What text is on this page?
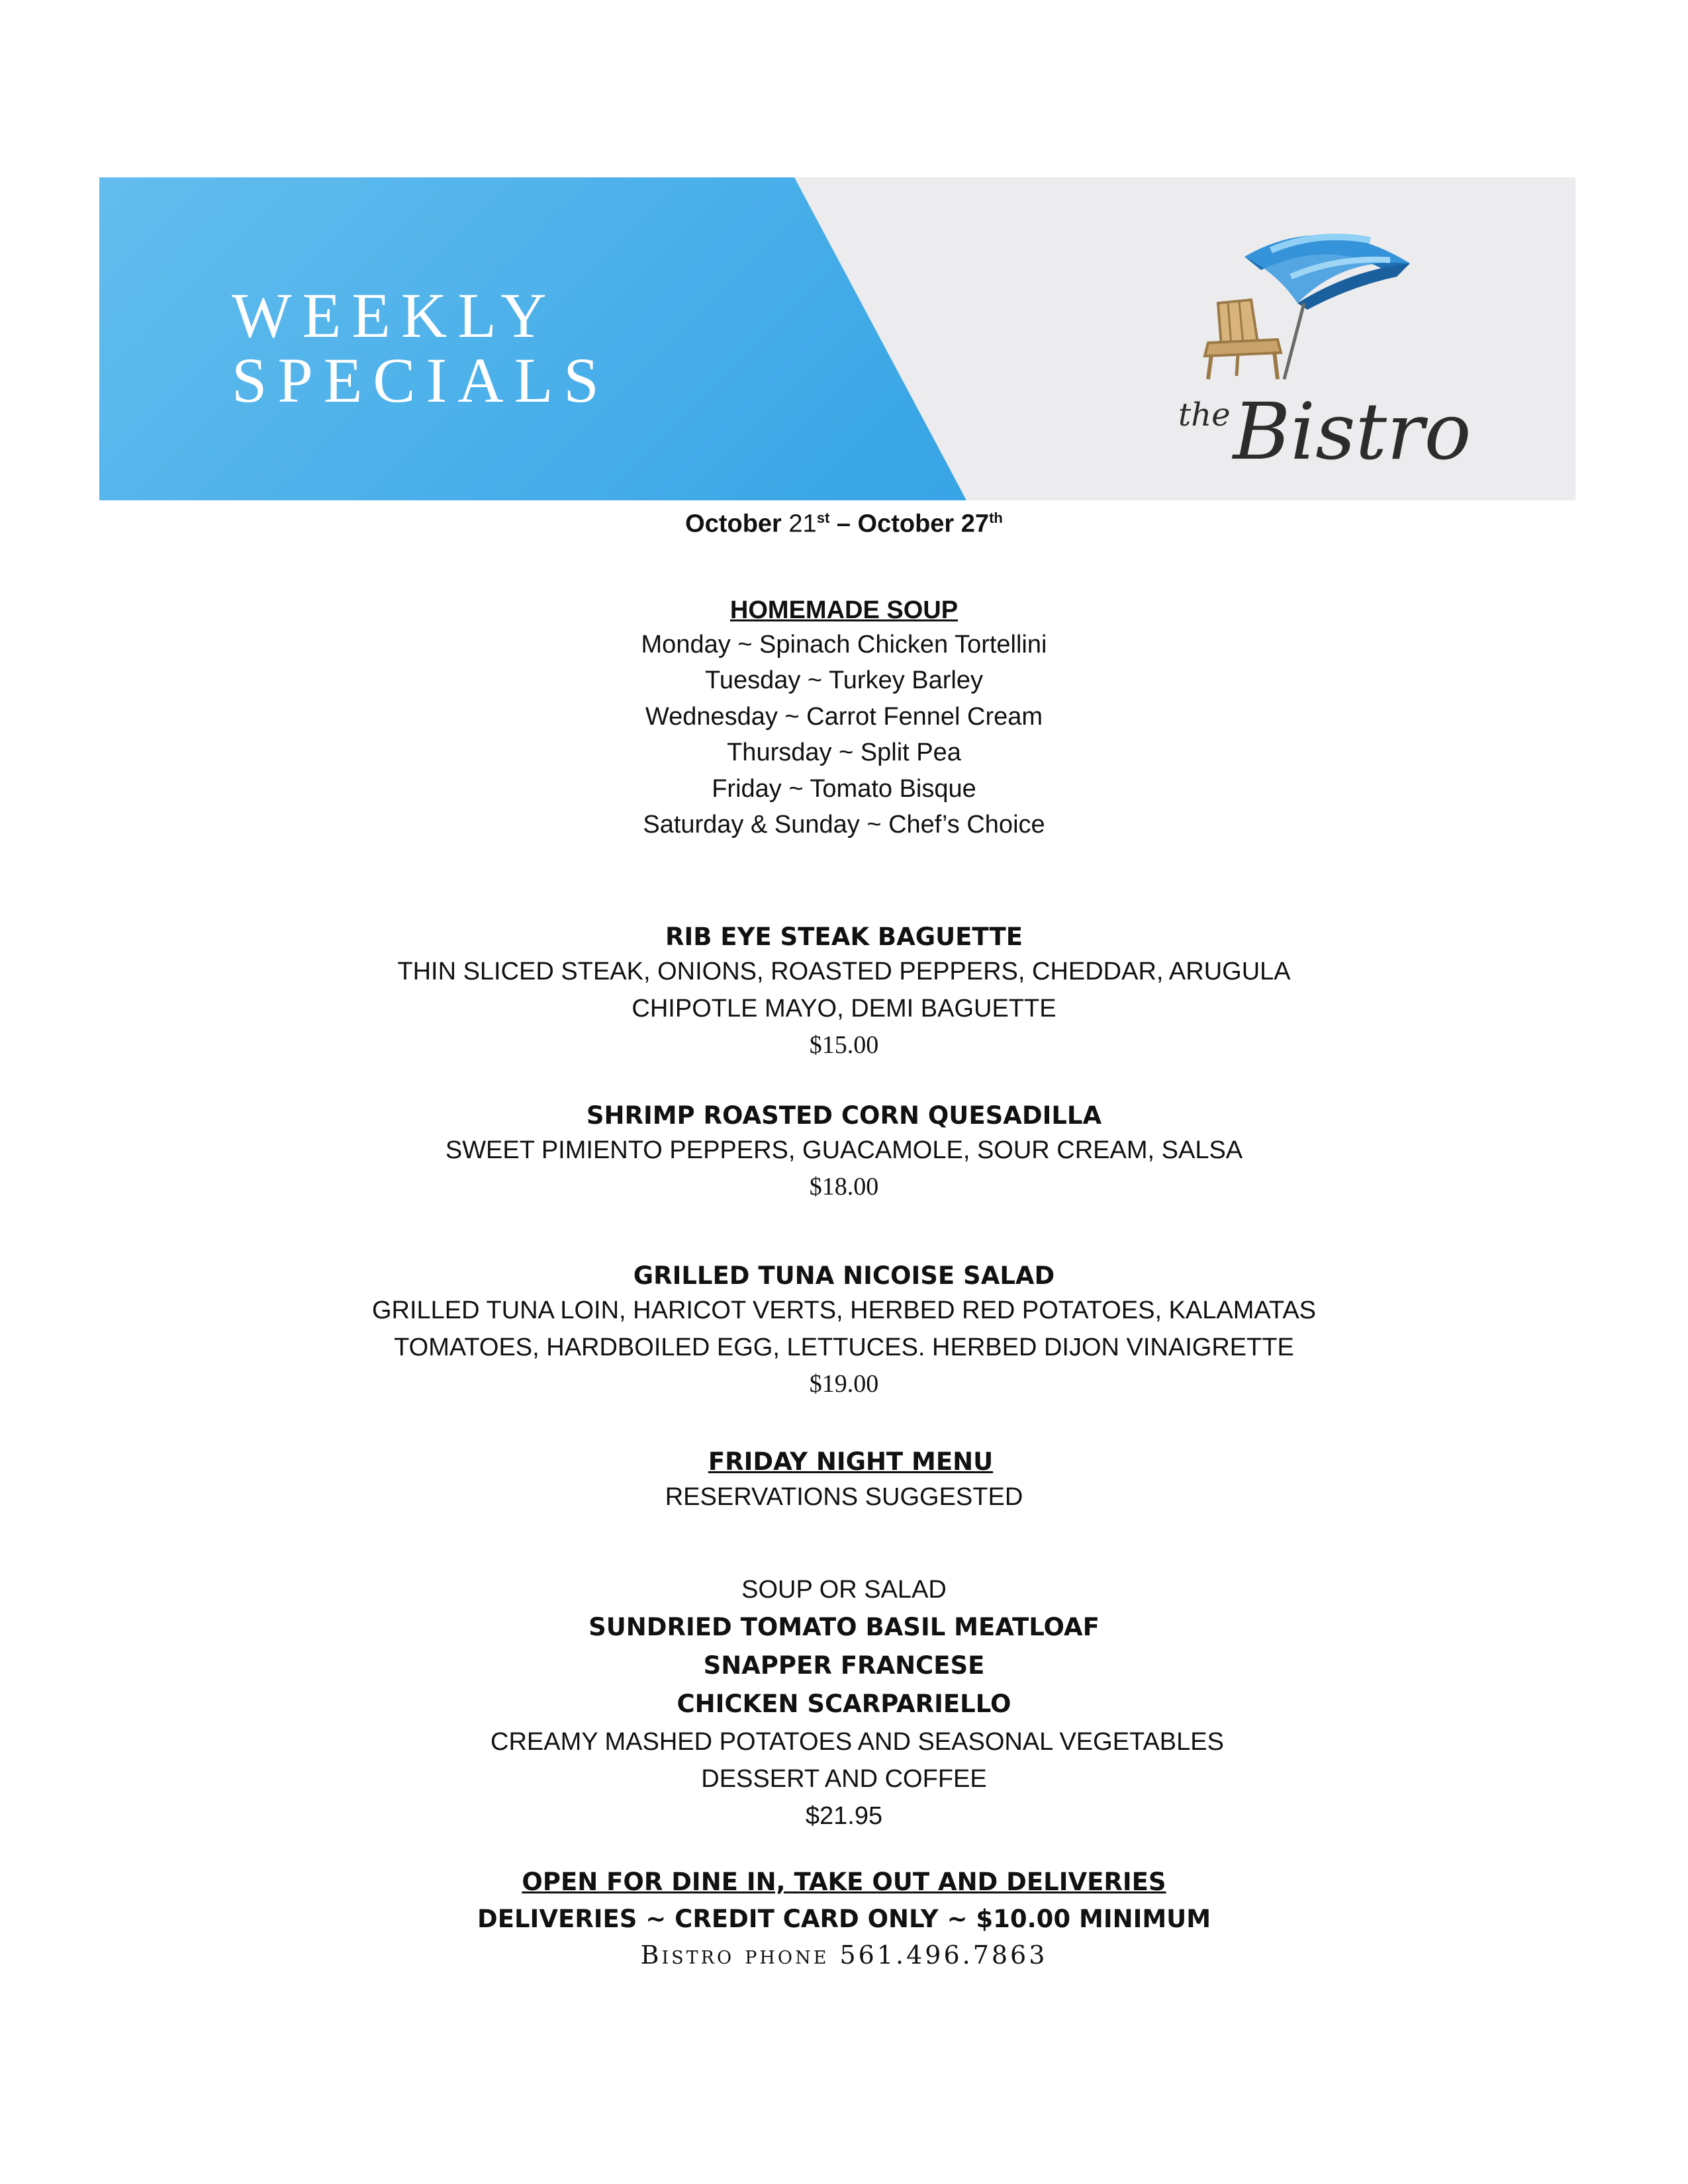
WEEKLY
SPECIALS	theBistro
October 21st – October 27th
HOMEMADE SOUP
Monday ~ Spinach Chicken Tortellini
Tuesday ~ Turkey Barley
Wednesday ~ Carrot Fennel Cream
Thursday ~ Split Pea
Friday ~ Tomato Bisque
Saturday & Sunday ~ Chef’s Choice
RIB EYE STEAK BAGUETTE
THIN SLICED STEAK, ONIONS, ROASTED PEPPERS, CHEDDAR, ARUGULA
CHIPOTLE MAYO, DEMI BAGUETTE
$15.00
SHRIMP ROASTED CORN QUESADILLA
SWEET PIMIENTO PEPPERS, GUACAMOLE, SOUR CREAM, SALSA
$18.00
GRILLED TUNA NICOISE SALAD
GRILLED TUNA LOIN, HARICOT VERTS, HERBED RED POTATOES, KALAMATAS
TOMATOES, HARDBOILED EGG, LETTUCES. HERBED DIJON VINAIGRETTE
$19.00
FRIDAY NIGHT MENU
RESERVATIONS SUGGESTED
SOUP OR SALAD
SUNDRIED TOMATO BASIL MEATLOAF
SNAPPER FRANCESE
CHICKEN SCARPARIELLO
CREAMY MASHED POTATOES AND SEASONAL VEGETABLES
DESSERT AND COFFEE
$21.95
OPEN FOR DINE IN, TAKE OUT AND DELIVERIES
DELIVERIES ~ CREDIT CARD ONLY ~ $10.00 MINIMUM
Bistro phone 561.496.7863
